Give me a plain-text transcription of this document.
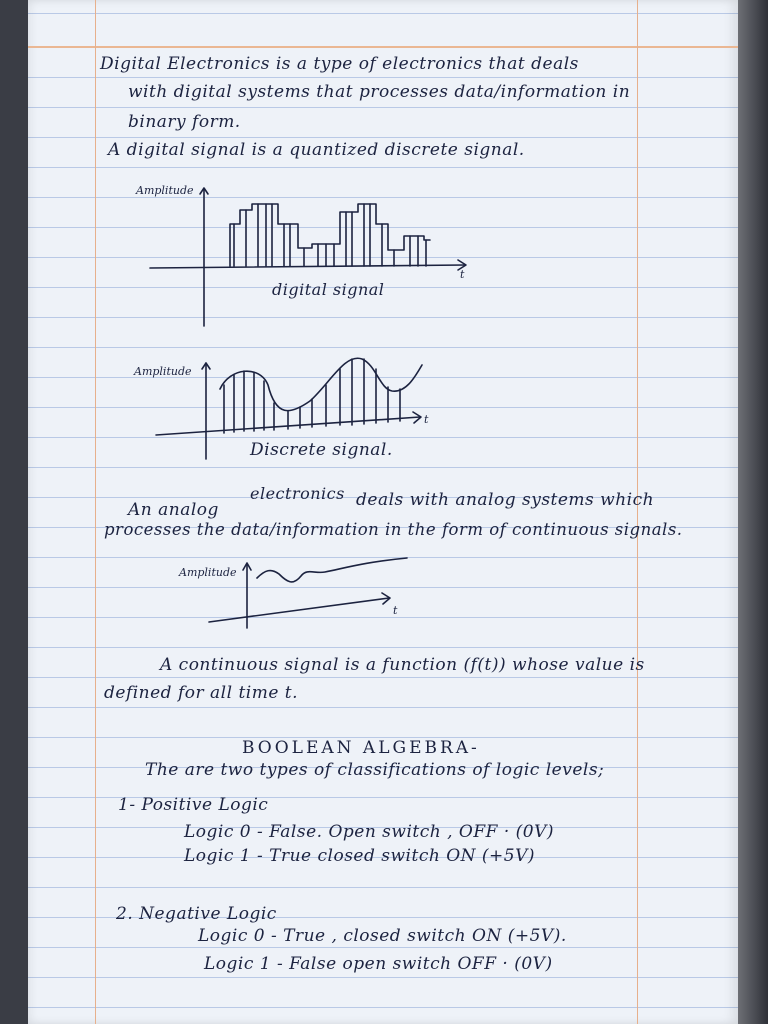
Digital Electronics is a type of electronics that deals
with digital systems that processes data/information in
binary form.
A digital signal is a quantized discrete signal.
Amplitude
t
digital signal
Amplitude
t
Discrete signal.
electronics
An analog	deals with analog systems which
processes the data/information in the form of continuous signals.
Amplitude
t
A continuous signal is a function (f(t)) whose value is
defined for all time t.
BOOLEAN ALGEBRA-
The are two types of classifications of logic levels;
1- Positive Logic
Logic 0 - False. Open switch , OFF · (0V)
Logic 1 - True closed switch ON (+5V)
2. Negative Logic
Logic 0 - True , closed switch ON (+5V).
Logic 1 - False open switch OFF · (0V)
